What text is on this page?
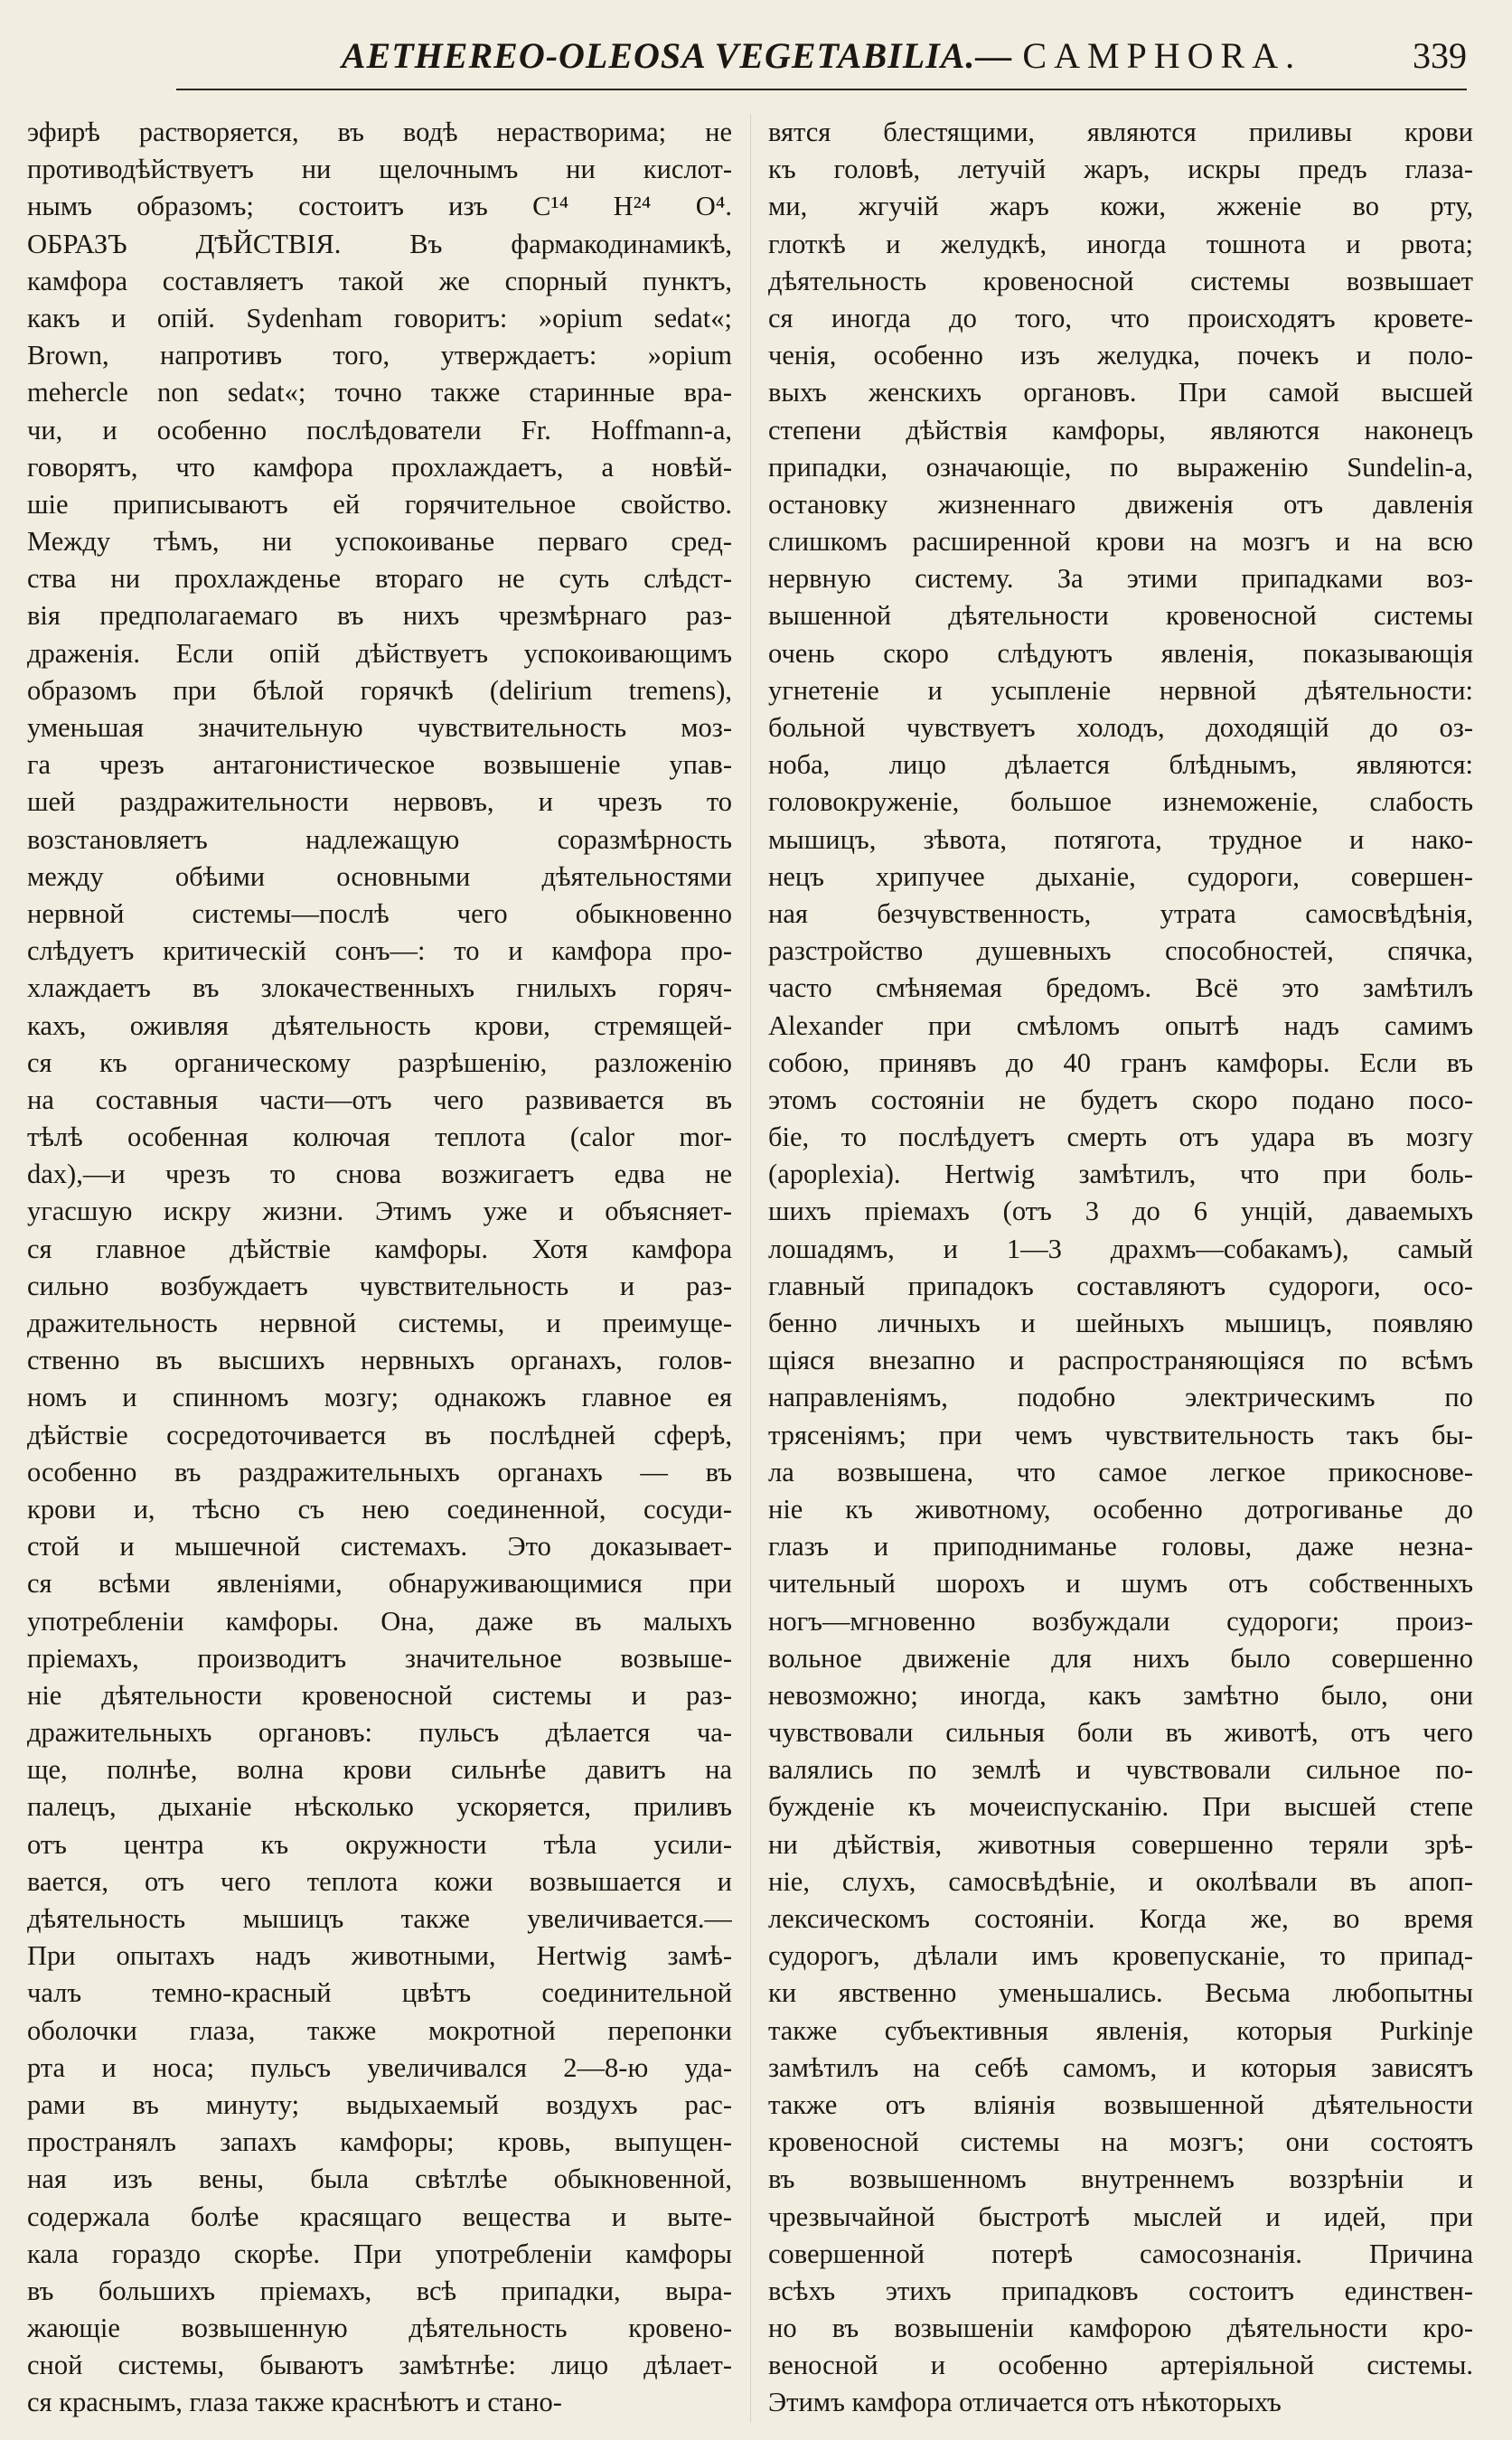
AETHEREO-OLEOSA VEGETABILIA.— CAMPHORA.	339
эфирѣ растворяется, въ водѣ нерастворима; не
противодѣйствуетъ ни щелочнымъ ни кислот-
нымъ образомъ; состоитъ изъ C¹⁴ H²⁴ O⁴.
ОБРАЗЪ ДѢЙСТВІЯ. Въ фармакодинамикѣ,
камфора составляетъ такой же спорный пунктъ,
какъ и опій. Sydenham говоритъ: »opium sedat«;
Brown, напротивъ того, утверждаетъ: »opium
mehercle non sedat«; точно также старинные вра-
чи, и особенно послѣдователи Fr. Hoffmann-а,
говорятъ, что камфора прохлаждаетъ, а новѣй-
шіе приписываютъ ей горячительное свойство.
Между тѣмъ, ни успокоиванье перваго сред-
ства ни прохлажденье втораго не суть слѣдст-
вія предполагаемаго въ нихъ чрезмѣрнаго раз-
драженія. Если опій дѣйствуетъ успокоивающимъ
образомъ при бѣлой горячкѣ (delirium tremens),
уменьшая значительную чувствительность моз-
га чрезъ антагонистическое возвышеніе упав-
шей раздражительности нервовъ, и чрезъ то
возстановляетъ надлежащую соразмѣрность
между обѣими основными дѣятельностями
нервной системы—послѣ чего обыкновенно
слѣдуетъ критическій сонъ—: то и камфора про-
хлаждаетъ въ злокачественныхъ гнилыхъ горяч-
кахъ, оживляя дѣятельность крови, стремящей-
ся къ органическому разрѣшенію, разложенію
на составныя части—отъ чего развивается въ
тѣлѣ особенная колючая теплота (calor mor-
dax),—и чрезъ то снова возжигаетъ едва не
угасшую искру жизни. Этимъ уже и объясняет-
ся главное дѣйствіе камфоры. Хотя камфора
сильно возбуждаетъ чувствительность и раз-
дражительность нервной системы, и преимуще-
ственно въ высшихъ нервныхъ органахъ, голов-
номъ и спинномъ мозгу; однакожъ главное ея
дѣйствіе сосредоточивается въ послѣдней сферѣ,
особенно въ раздражительныхъ органахъ — въ
крови и, тѣсно съ нею соединенной, сосуди-
стой и мышечной системахъ. Это доказывает-
ся всѣми явленіями, обнаруживающимися при
употребленіи камфоры. Она, даже въ малыхъ
пріемахъ, производитъ значительное возвыше-
ніе дѣятельности кровеносной системы и раз-
дражительныхъ органовъ: пульсъ дѣлается ча-
ще, полнѣе, волна крови сильнѣе давитъ на
палецъ, дыханіе нѣсколько ускоряется, приливъ
отъ центра къ окружности тѣла усили-
вается, отъ чего теплота кожи возвышается и
дѣятельность мышицъ также увеличивается.—
При опытахъ надъ животными, Hertwig замѣ-
чалъ темно-красный цвѣтъ соединительной
оболочки глаза, также мокротной перепонки
рта и носа; пульсъ увеличивался 2—8-ю уда-
рами въ минуту; выдыхаемый воздухъ рас-
пространялъ запахъ камфоры; кровь, выпущен-
ная изъ вены, была свѣтлѣе обыкновенной,
содержала болѣе красящаго вещества и выте-
кала гораздо скорѣе. При употребленіи камфоры
въ большихъ пріемахъ, всѣ припадки, выра-
жающіе возвышенную дѣятельность кровено-
сной системы, бываютъ замѣтнѣе: лицо дѣлает-
ся краснымъ, глаза также краснѣютъ и стано-
вятся блестящими, являются приливы крови
къ головѣ, летучій жаръ, искры предъ глаза-
ми, жгучій жаръ кожи, жженіе во рту,
глоткѣ и желудкѣ, иногда тошнота и рвота;
дѣятельность кровеносной системы возвышает
ся иногда до того, что происходятъ кровете-
ченія, особенно изъ желудка, почекъ и поло-
выхъ женскихъ органовъ. При самой высшей
степени дѣйствія камфоры, являются наконецъ
припадки, означающіе, по выраженію Sundelin-а,
остановку жизненнаго движенія отъ давленія
слишкомъ расширенной крови на мозгъ и на всю
нервную систему. За этими припадками воз-
вышенной дѣятельности кровеносной системы
очень скоро слѣдуютъ явленія, показывающія
угнетеніе и усыпленіе нервной дѣятельности:
больной чувствуетъ холодъ, доходящій до оз-
ноба, лицо дѣлается блѣднымъ, являются:
головокруженіе, большое изнеможеніе, слабость
мышицъ, зѣвота, потягота, трудное и нако-
нецъ хрипучее дыханіе, судороги, совершен-
ная безчувственность, утрата самосвѣдѣнія,
разстройство душевныхъ способностей, спячка,
часто смѣняемая бредомъ. Всё это замѣтилъ
Alexander при смѣломъ опытѣ надъ самимъ
собою, принявъ до 40 гранъ камфоры. Если въ
этомъ состояніи не будетъ скоро подано посо-
біе, то послѣдуетъ смерть отъ удара въ мозгу
(apoplexia). Hertwig замѣтилъ, что при боль-
шихъ пріемахъ (отъ 3 до 6 унцій, даваемыхъ
лошадямъ, и 1—3 драхмъ—собакамъ), самый
главный припадокъ составляютъ судороги, осо-
бенно личныхъ и шейныхъ мышицъ, появляю
щіяся внезапно и распространяющіяся по всѣмъ
направленіямъ, подобно электрическимъ по
трясеніямъ; при чемъ чувствительность такъ бы-
ла возвышена, что самое легкое прикоснове-
ніе къ животному, особенно дотрогиванье до
глазъ и приподниманье головы, даже незна-
чительный шорохъ и шумъ отъ собственныхъ
ногъ—мгновенно возбуждали судороги; произ-
вольное движеніе для нихъ было совершенно
невозможно; иногда, какъ замѣтно было, они
чувствовали сильныя боли въ животѣ, отъ чего
валялись по землѣ и чувствовали сильное по-
бужденіе къ мочеиспусканію. При высшей степе
ни дѣйствія, животныя совершенно теряли зрѣ-
ніе, слухъ, самосвѣдѣніе, и околѣвали въ апоп-
лексическомъ состояніи. Когда же, во время
судорогъ, дѣлали имъ кровепусканіе, то припад-
ки явственно уменьшались. Весьма любопытны
также субъективныя явленія, которыя Purkinje
замѣтилъ на себѣ самомъ, и которыя зависятъ
также отъ вліянія возвышенной дѣятельности
кровеносной системы на мозгъ; они состоятъ
въ возвышенномъ внутреннемъ воззрѣніи и
чрезвычайной быстротѣ мыслей и идей, при
совершенной потерѣ самосознанія. Причина
всѣхъ этихъ припадковъ состоитъ единствен-
но въ возвышеніи камфорою дѣятельности кро-
веносной и особенно артеріяльной системы.
Этимъ камфора отличается отъ нѣкоторыхъ
